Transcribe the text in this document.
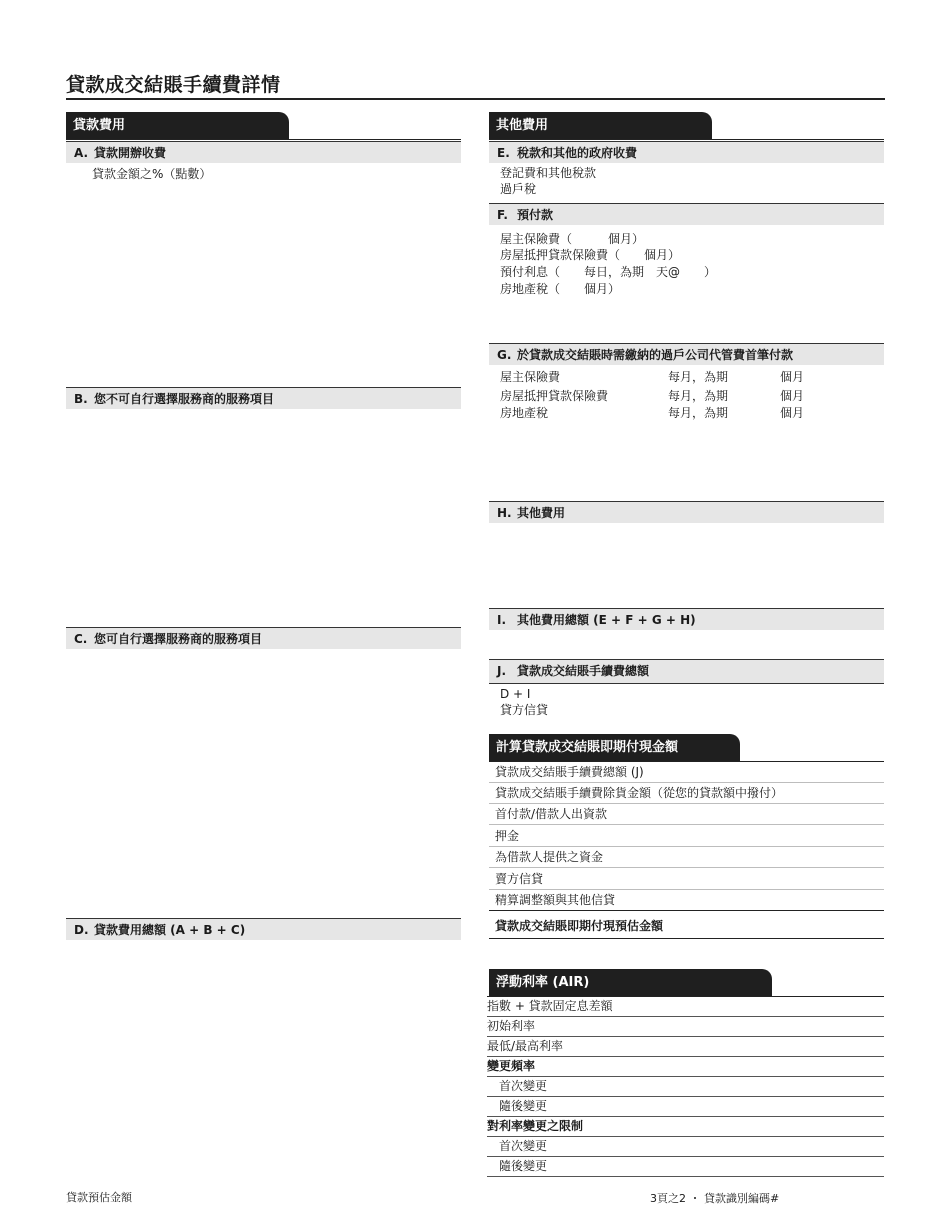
貸款成交結賬手續費詳情
貸款費用
A. 貸款開辦收費
貸款金額之%（點數）
B. 您不可自行選擇服務商的服務項目
C. 您可自行選擇服務商的服務項目
D. 貸款費用總額 (A + B + C)
其他費用
E. 稅款和其他的政府收費
登記費和其他稅款
過戶稅
F. 預付款
屋主保險費（　　　個月）
房屋抵押貸款保險費（　　個月）
預付利息（　　每日，為期　天@　　）
房地產稅（　　個月）
G. 於貸款成交結賬時需繳納的過戶公司代管費首筆付款
屋主保險費	每月，為期	個月
房屋抵押貸款保險費	每月，為期	個月
房地產稅	每月，為期	個月
H. 其他費用
I. 其他費用總額 (E + F + G + H)
J. 貸款成交結賬手續費總額
D + I
貸方信貸
計算貸款成交結賬即期付現金額
貸款成交結賬手續費總額 (J)
貸款成交結賬手續費除貨金額（從您的貸款額中撥付）
首付款/借款人出資款
押金
為借款人提供之資金
賣方信貸
精算調整額與其他信貸
貸款成交結賬即期付現預估金額
浮動利率 (AIR)
指數 + 貸款固定息差額
初始利率
最低/最高利率
變更頻率
首次變更
隨後變更
對利率變更之限制
首次變更
隨後變更
貸款預估金額	3頁之2 ・ 貸款識別編碼#
